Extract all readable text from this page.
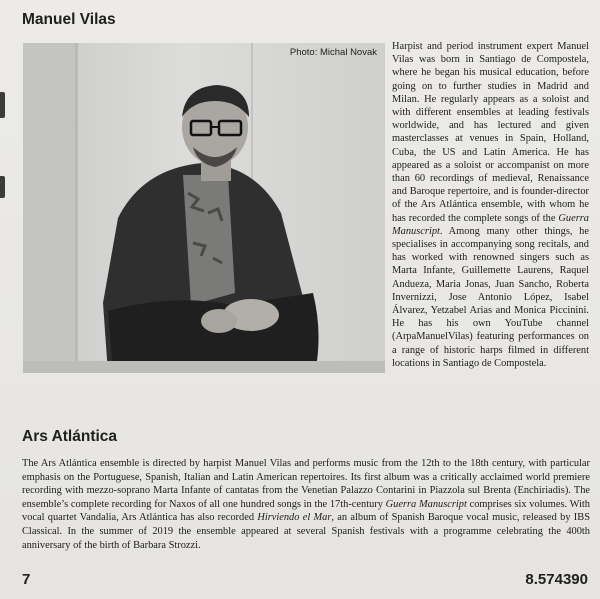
Manuel Vilas
Photo: Michal Novak
Harpist and period instrument expert Manuel Vilas was born in Santiago de Compostela, where he began his musical education, before going on to further studies in Madrid and Milan. He regularly appears as a soloist and with different ensembles at leading festivals worldwide, and has lectured and given masterclasses at venues in Spain, Holland, Cuba, the US and Latin America. He has appeared as a soloist or accompanist on more than 60 recordings of medieval, Renaissance and Baroque repertoire, and is founder-director of the Ars Atlántica ensemble, with whom he has recorded the complete songs of the Guerra Manuscript. Among many other things, he specialises in accompanying song recitals, and has worked with renowned singers such as Marta Infante, Guillemette Laurens, Raquel Andueza, Maria Jonas, Juan Sancho, Roberta Invernizzi, Jose Antonio López, Isabel Álvarez, Yetzabel Arias and Monica Piccinini. He has his own YouTube channel (ArpaManuelVilas) featuring performances on a range of historic harps filmed in different locations in Santiago de Compostela.
Ars Atlántica
The Ars Atlántica ensemble is directed by harpist Manuel Vilas and performs music from the 12th to the 18th century, with particular emphasis on the Portuguese, Spanish, Italian and Latin American repertoires. Its first album was a critically acclaimed world premiere recording with mezzo-soprano Marta Infante of cantatas from the Venetian Palazzo Contarini in Piazzola sul Brenta (Enchiriadis). The ensemble’s complete recording for Naxos of all one hundred songs in the 17th-century Guerra Manuscript comprises six volumes. With vocal quartet Vandalia, Ars Atlántica has also recorded Hirviendo el Mar, an album of Spanish Baroque vocal music, released by IBS Classical. In the summer of 2019 the ensemble appeared at several Spanish festivals with a programme celebrating the 400th anniversary of the birth of Barbara Strozzi.
7	8.574390
